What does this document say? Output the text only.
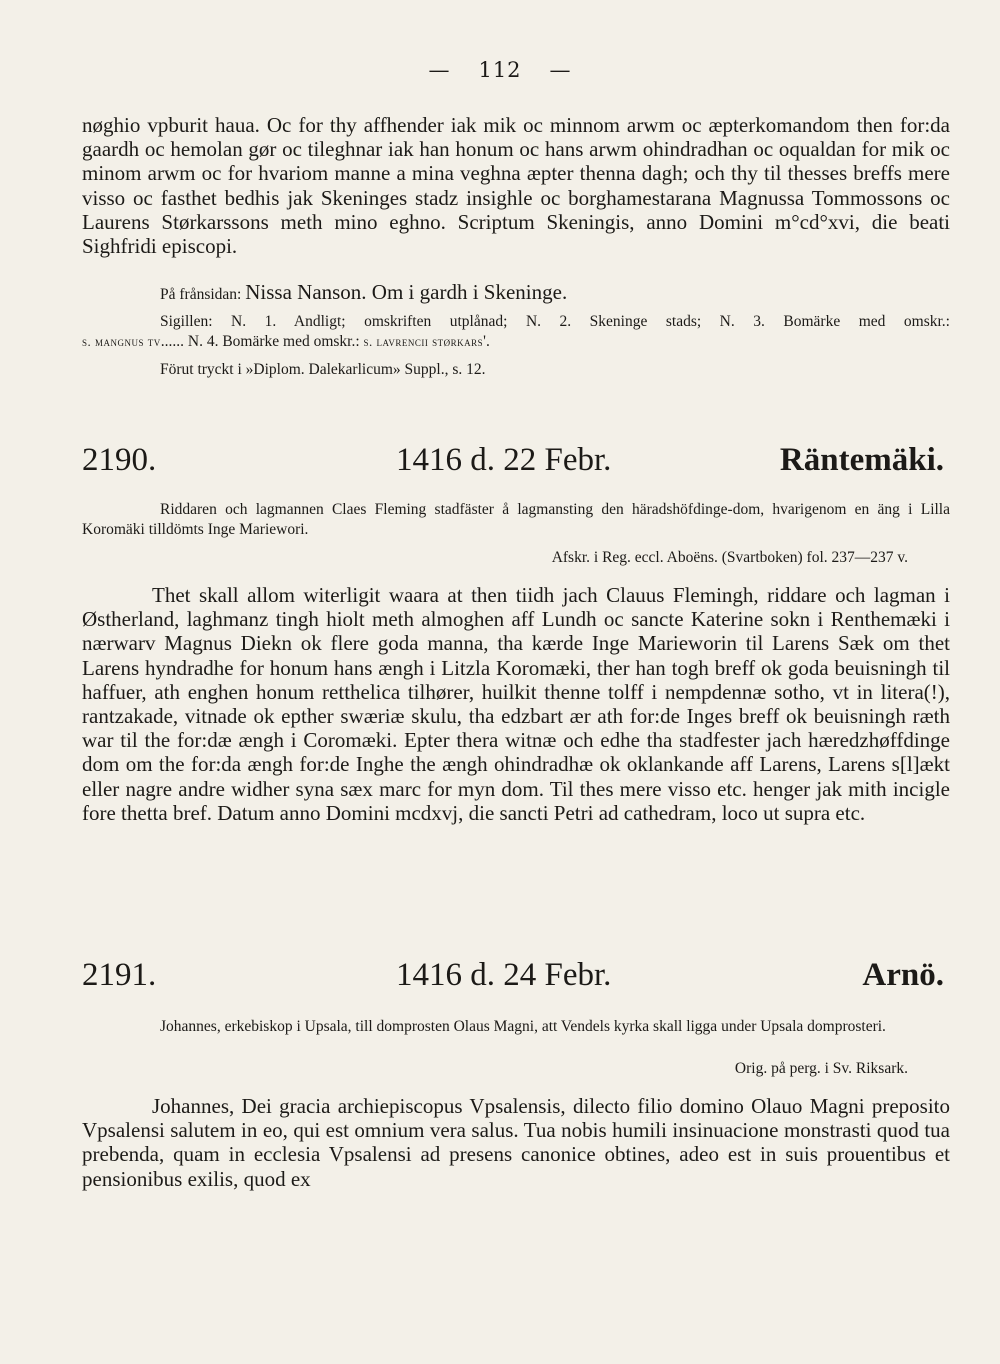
— 112 —
nøghio vpburit haua. Oc for thy affhender iak mik oc minnom arwm oc æpterkomandom then for:da gaardh oc hemolan gør oc tileghnar iak han honum oc hans arwm ohindradhan oc oqualdan for mik oc minom arwm oc for hvariom manne a mina veghna æpter thenna dagh; och thy til thesses breffs mere visso oc fasthet bedhis jak Skeninges stadz insighle oc borghamestarana Magnussa Tommossons oc Laurens Størkarssons meth mino eghno. Scriptum Skeningis, anno Domini m°cd°xvi, die beati Sighfridi episcopi.
På frånsidan: Nissa Nanson. Om i gardh i Skeninge.
Sigillen: N. 1. Andligt; omskriften utplånad; N. 2. Skeninge stads; N. 3. Bomärke med omskr.:
s. mangnus tv...... N. 4. Bomärke med omskr.: s. lavrencii størkars'.
Förut tryckt i »Diplom. Dalekarlicum» Suppl., s. 12.
2190.	1416 d. 22 Febr.	Räntemäki.
Riddaren och lagmannen Claes Fleming stadfäster å lagmansting den häradshöfdinge-dom, hvarigenom en äng i Lilla Koromäki tilldömts Inge Mariewori.
Afskr. i Reg. eccl. Aboëns. (Svartboken) fol. 237—237 v.
Thet skall allom witerligit waara at then tiidh jach Clauus Flemingh, riddare och lagman i Østherland, laghmanz tingh hiolt meth almoghen aff Lundh oc sancte Katerine sokn i Renthemæki i nærwarv Magnus Diekn ok flere goda manna, tha kærde Inge Marieworin til Larens Sæk om thet Larens hyndradhe for honum hans ængh i Litzla Koromæki, ther han togh breff ok goda beuisningh til haffuer, ath enghen honum retthelica tilhører, huilkit thenne tolff i nempdennæ sotho, vt in litera(!), rantzakade, vitnade ok epther swæriæ skulu, tha edzbart ær ath for:de Inges breff ok beuisningh ræth war til the for:dæ ængh i Coromæki. Epter thera witnæ och edhe tha stadfester jach hæredzhøffdinge dom om the for:da ængh for:de Inghe the ængh ohindradhæ ok oklankande aff Larens, Larens s[l]ækt eller nagre andre widher syna sæx marc for myn dom. Til thes mere visso etc. henger jak mith incigle fore thetta bref. Datum anno Domini mcdxvj, die sancti Petri ad cathedram, loco ut supra etc.
2191.	1416 d. 24 Febr.	Arnö.
Johannes, erkebiskop i Upsala, till domprosten Olaus Magni, att Vendels kyrka skall ligga under Upsala domprosteri.
Orig. på perg. i Sv. Riksark.
Johannes, Dei gracia archiepiscopus Vpsalensis, dilecto filio domino Olauo Magni preposito Vpsalensi salutem in eo, qui est omnium vera salus. Tua nobis humili insinuacione monstrasti quod tua prebenda, quam in ecclesia Vpsalensi ad presens canonice obtines, adeo est in suis prouentibus et pensionibus exilis, quod ex
